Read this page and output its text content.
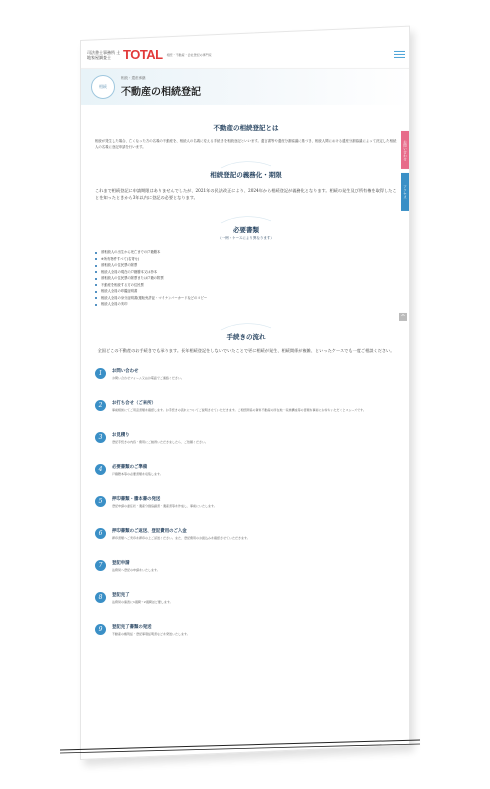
司法書士事務所 土地家屋調査士 TOTAL 相続・不動産・会社登記の専門家
相続
相続・遺産承継
不動産の相続登記
不動産の相続登記とは

相続が発生した場合、亡くなった方の名義の不動産を、相続人の名義に変える手続きを相続登記といいます。遺言書等や遺産分割協議に基づき、相続人間における遺産分割協議によって決定した相続人の名義に登記申請を行います。

相続登記の義務化・期限

これまで相続登記に申請期限はありませんでしたが、2021年の民法改正により、2024年から相続登記が義務化となります。相続の発生及び所有権を取得したことを知ったときから3年以内に登記の必要となります。

必要書類
（一例・ケースにより異なります）
被相続人の出生から死亡までの戸籍謄本
※所有物件すべて(名寄せ)
被相続人の住民票の除票
相続人全員の現在の戸籍謄本又は抄本
被相続人の住民票の除票または戸籍の附票
不動産を相続する方の住民票
相続人全員の印鑑証明書
相続人全員の身分証明書(運転免許証・マイナンバーカードなどのコピー
相続人全員の実印
手続きの流れ
全国どこの不動産のお手続きでも承ります。長年相続登記をしないでいたことで更に相続が発生、相続関係が複雑、といったケースでも一度ご相談ください。
1	お問い合わせ
お問い合わせフォーム又はお電話でご連絡ください。
2	お打ち合せ（ご来所）
事前相談にてご用意書類を確認します。お手続きの流れについてご説明させていただきます。ご相続関係の資料不動産の所在地・家族構成等の書類を事前にお持ちいただくとスムーズです。
3	お見積り
登記手続きの内容・費用にご納得いただきましたら、ご依頼ください。
4	必要書類のご準備
戸籍謄本等の必要書類を収集します。
5	押印書類・謄本書の発送
登記申請の委任状・遺産分割協議書・遺産書等を作成し、事前にいたします。
6	押印書類のご返送、登記費用のご入金
押印書類へご実印を押印の上ご返送ください。また、登記費用のお振込みを確認させていただきます。
7	登記申請
法務局へ登記の申請をいたします。
8	登記完了
法務局の審査に1週間〜2週間ほど要します。
9	登記完了書類の発送
不動産の権利証・登記事項証明書などを発送いたします。
お問い合わせ
アクセス
^
